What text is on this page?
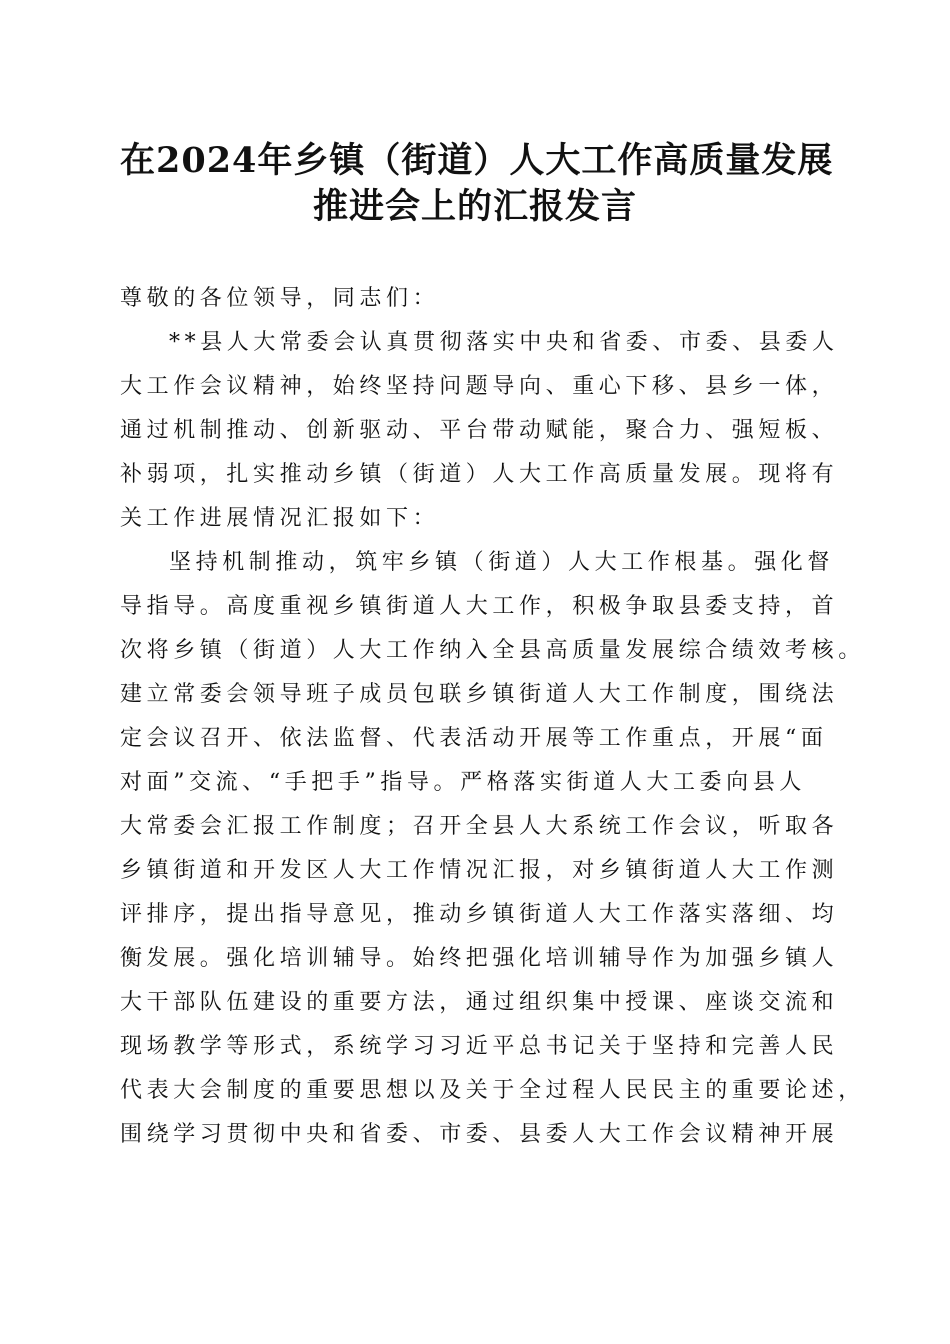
在2024年乡镇（街道）人大工作高质量发展
推进会上的汇报发言
尊敬的各位领导，同志们：
**县人大常委会认真贯彻落实中央和省委、市委、县委人
大工作会议精神，始终坚持问题导向、重心下移、县乡一体，
通过机制推动、创新驱动、平台带动赋能，聚合力、强短板、
补弱项，扎实推动乡镇（街道）人大工作高质量发展。现将有
关工作进展情况汇报如下：
坚持机制推动，筑牢乡镇（街道）人大工作根基。强化督
导指导。高度重视乡镇街道人大工作，积极争取县委支持，首
次将乡镇（街道）人大工作纳入全县高质量发展综合绩效考核。
建立常委会领导班子成员包联乡镇街道人大工作制度，围绕法
定会议召开、依法监督、代表活动开展等工作重点，开展“面
对面”交流、“手把手”指导。严格落实街道人大工委向县人
大常委会汇报工作制度；召开全县人大系统工作会议，听取各
乡镇街道和开发区人大工作情况汇报，对乡镇街道人大工作测
评排序，提出指导意见，推动乡镇街道人大工作落实落细、均
衡发展。强化培训辅导。始终把强化培训辅导作为加强乡镇人
大干部队伍建设的重要方法，通过组织集中授课、座谈交流和
现场教学等形式，系统学习习近平总书记关于坚持和完善人民
代表大会制度的重要思想以及关于全过程人民民主的重要论述，
围绕学习贯彻中央和省委、市委、县委人大工作会议精神开展
